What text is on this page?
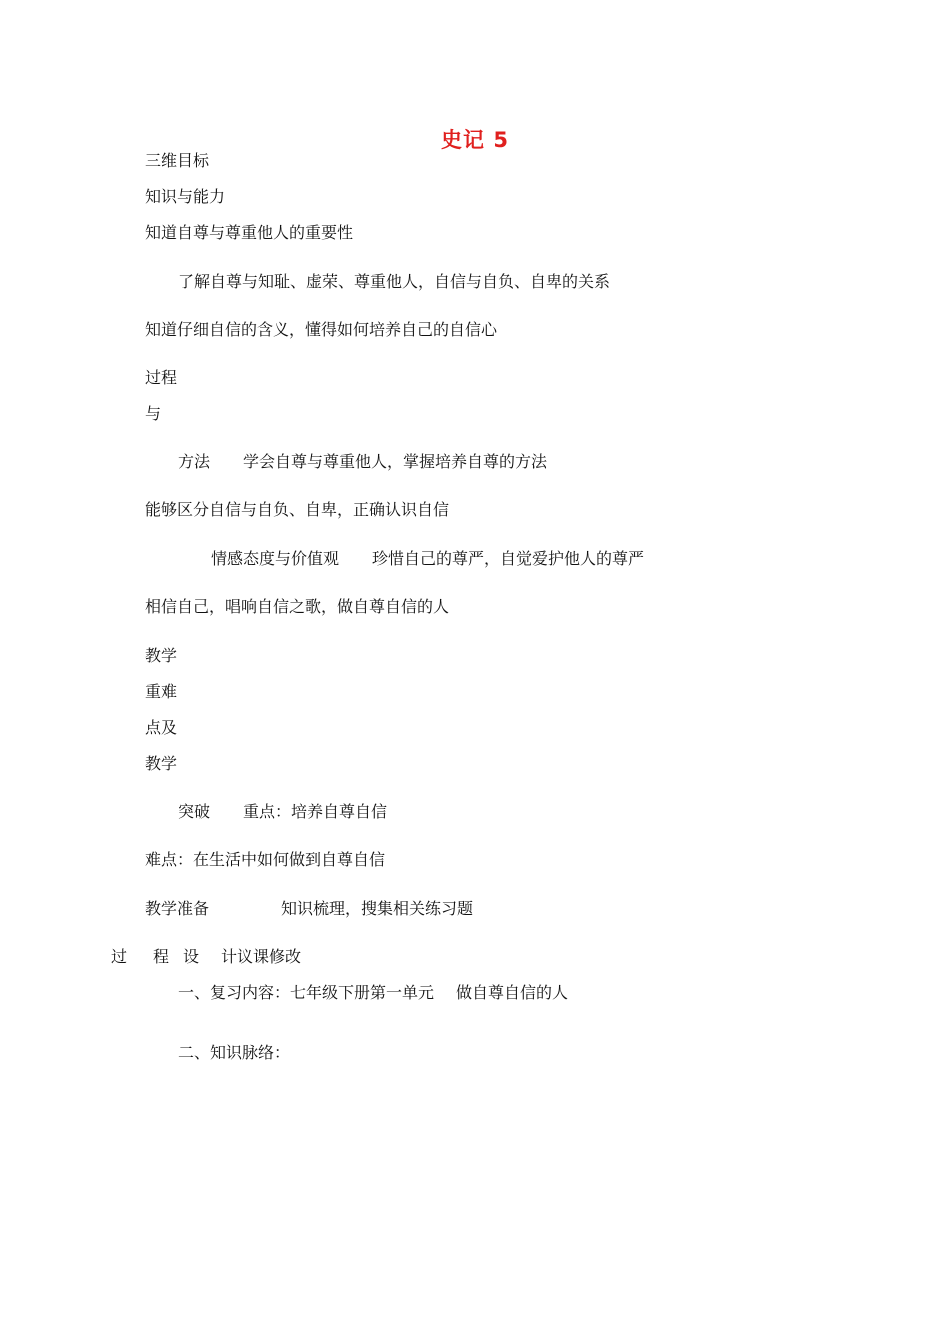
史记 5
三维目标
知识与能力
知道自尊与尊重他人的重要性
了解自尊与知耻、虚荣、尊重他人，自信与自负、自卑的关系
知道仔细自信的含义，懂得如何培养自己的自信心
过程
与
方法 学会自尊与尊重他人，掌握培养自尊的方法
能够区分自信与自负、自卑，正确认识自信
情感态度与价值观 珍惜自己的尊严，自觉爱护他人的尊严
相信自己，唱响自信之歌，做自尊自信的人
教学
重难
点及
教学
突破 重点：培养自尊自信
难点：在生活中如何做到自尊自信
教学准备	知识梳理，搜集相关练习题
过 程 设 计议课修改
一、复习内容：七年级下册第一单元 做自尊自信的人
二、知识脉络：
